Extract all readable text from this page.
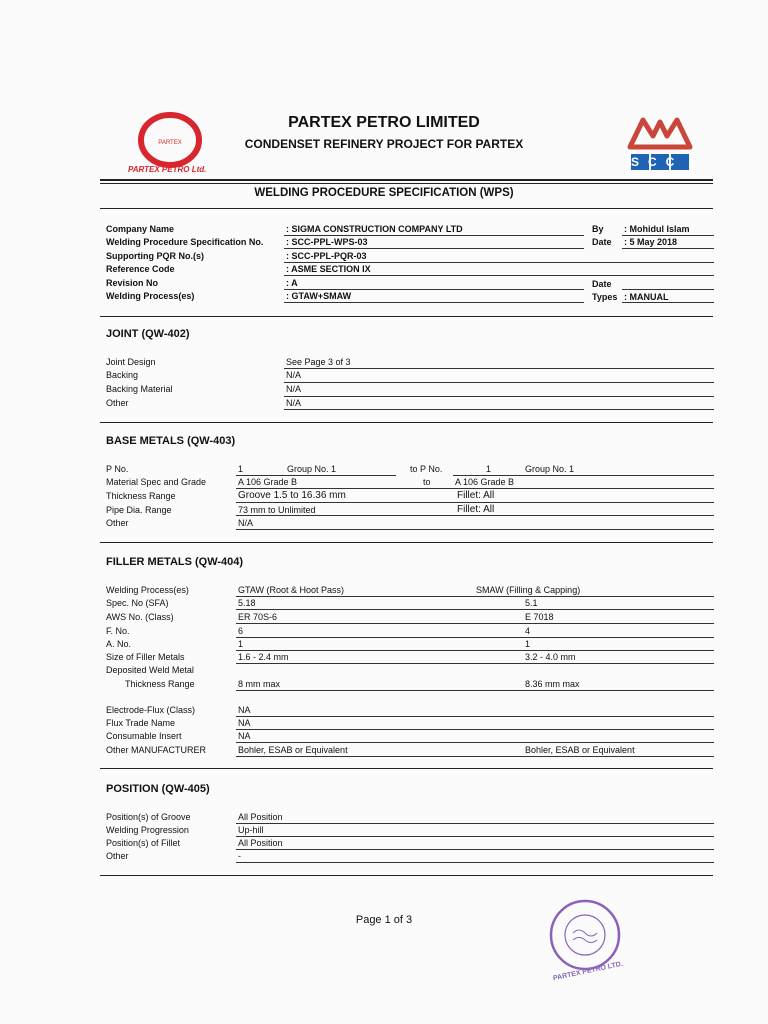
PARTEX
PARTEX PETRO Ltd.
PARTEX PETRO LIMITED
CONDENSET REFINERY PROJECT FOR PARTEX
SCC
WELDING PROCEDURE SPECIFICATION (WPS)
Company Name	: SIGMA CONSTRUCTION COMPANY LTD	By : Mohidul Islam
Welding Procedure Specification No.	: SCC-PPL-WPS-03	Date : 5 May 2018
Supporting PQR No.(s)	: SCC-PPL-PQR-03
Reference Code	: ASME SECTION IX
Revision No	: A	Date
Welding Process(es)	: GTAW+SMAW	Types : MANUAL
JOINT (QW-402)
Joint Design	See Page 3 of 3
Backing	N/A
Backing Material	N/A
Other	N/A
BASE METALS (QW-403)
P No.	1	Group No. 1	to P No.	1	Group No. 1
Material Spec and Grade	A 106 Grade B	to	A 106 Grade B
Thickness Range	Groove 1.5 to 16.36 mm	Fillet: All
Pipe Dia. Range	73 mm to Unlimited	Fillet: All
Other	N/A
FILLER METALS (QW-404)
Welding Process(es)	GTAW (Root & Hoot Pass)	SMAW (Filling & Capping)
Spec. No (SFA)	5.18	5.1
AWS No. (Class)	ER 70S-6	E 7018
F. No.	6	4
A. No.	1	1
Size of Filler Metals	1.6 - 2.4 mm	3.2 - 4.0 mm
Deposited Weld Metal
Thickness Range	8 mm max	8.36 mm max
Electrode-Flux (Class)	NA
Flux Trade Name	NA
Consumable Insert	NA
Other MANUFACTURER	Bohler, ESAB or Equivalent	Bohler, ESAB or Equivalent
POSITION (QW-405)
Position(s) of Groove	All Position
Welding Progression	Up-hill
Position(s) of Fillet	All Position
Other	-
Page 1 of 3
PARTEX PETRO LTD.
